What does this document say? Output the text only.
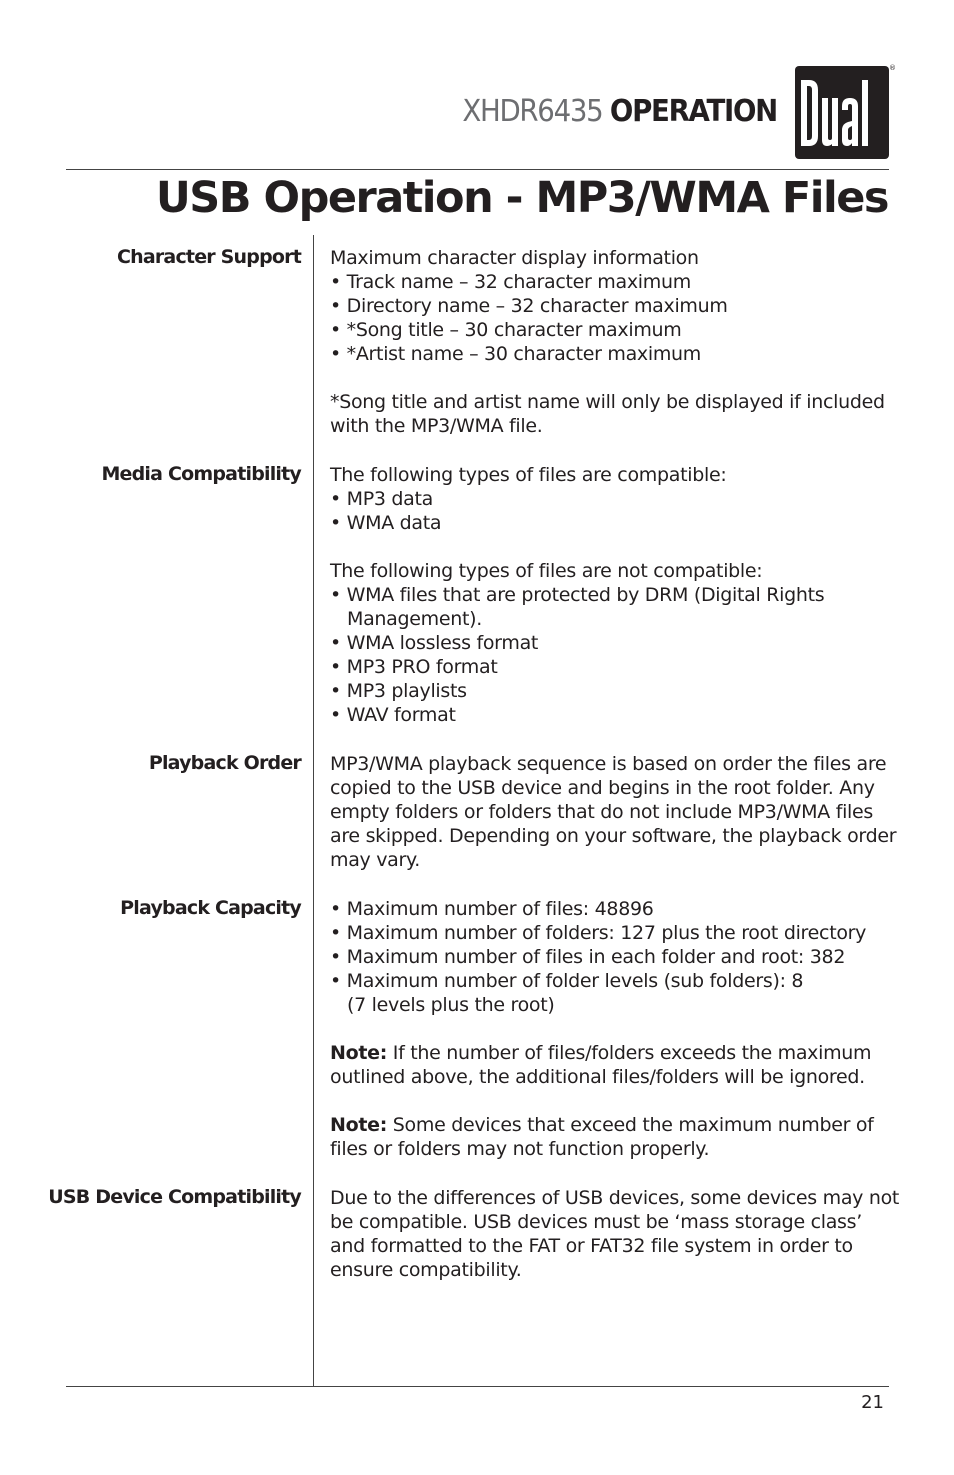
XHDR6435 OPERATION
®
USB Operation - MP3/WMA Files
Character Support Maximum character display information
• Track name – 32 character maximum
• Directory name – 32 character maximum
• *Song title – 30 character maximum
• *Artist name – 30 character maximum
*Song title and artist name will only be displayed if included
with the MP3/WMA file.
Media Compatibility The following types of files are compatible:
• MP3 data
• WMA data
The following types of files are not compatible:
• WMA files that are protected by DRM (Digital Rights
Management).
• WMA lossless format
• MP3 PRO format
• MP3 playlists
• WAV format
Playback Order MP3/WMA playback sequence is based on order the files are
copied to the USB device and begins in the root folder. Any
empty folders or folders that do not include MP3/WMA files
are skipped. Depending on your software, the playback order
may vary.
Playback Capacity • Maximum number of files: 48896
• Maximum number of folders: 127 plus the root directory
• Maximum number of files in each folder and root: 382
• Maximum number of folder levels (sub folders): 8
(7 levels plus the root)
Note: If the number of files/folders exceeds the maximum
outlined above, the additional files/folders will be ignored.
Note: Some devices that exceed the maximum number of
files or folders may not function properly.
USB Device Compatibility Due to the differences of USB devices, some devices may not
be compatible. USB devices must be ‘mass storage class’
and formatted to the FAT or FAT32 file system in order to
ensure compatibility.
21
